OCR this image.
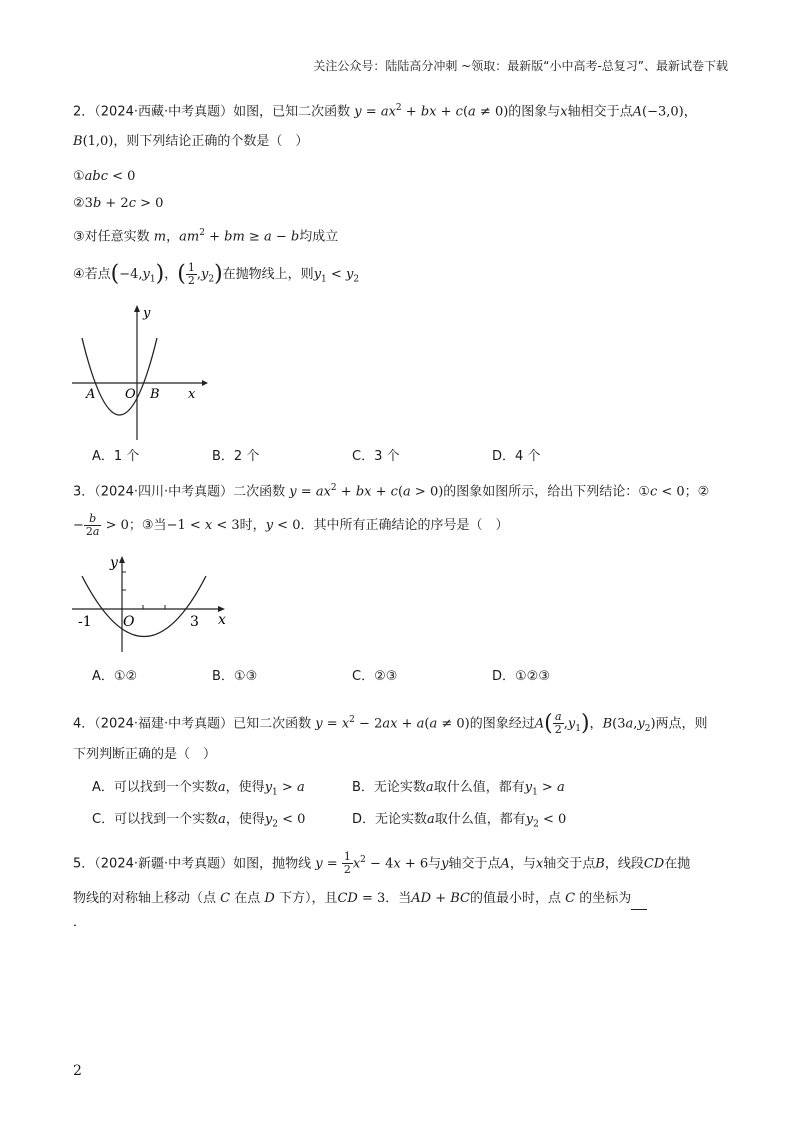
关注公众号：陆陆高分冲刺 ~领取：最新版“小中高考-总复习”、最新试卷下载
2．（2024·西藏·中考真题）如图，已知二次函数 $y = ax^2$ + bx + c(a ≠ 0)的图象与x轴相交于点A(−3,0)，
B(1,0)，则下列结论正确的个数是（　）
①abc < 0
②3b + 2c > 0
③对任意实数 m，$am^2$ + bm ≥ a − b均成立
④若点$(-4,y_1)$，( $\frac{1}{2} ,y_2$)在抛物线上，则$y_1 < y_2$
y
x
A O B
A．1 个	B．2 个	C．3 个	D．4 个
3．（2024·四川·中考真题）二次函数 $y = ax^2$ + bx + c(a > 0)的图象如图所示，给出下列结论：①c < 0；②
− $\frac{b}{2a} > 0$；③当−1 < x < 3时，y < 0．其中所有正确结论的序号是（　）
y
x
-1 O	3
A．①②	B．①③	C．②③	D．①②③
4．（2024·福建·中考真题）已知二次函数 $y = x^2 - 2ax + a(a \ne 0)$的图象经过$A( \frac{a}{2} ,y_1)$，$B(3a,y_2)$两点，则
下列判断正确的是（　）
A．可以找到一个实数a，使得$y_1 > a$	B．无论实数a取什么值，都有$y_1 > a$
C．可以找到一个实数a，使得$y_2 < 0$	D．无论实数a取什么值，都有$y_2 < 0$
5．（2024·新疆·中考真题）如图，抛物线 $y = \frac{1}{2} x^2 - 4x + 6$与y轴交于点A，与x轴交于点B，线段CD在抛
物线的对称轴上移动（点 C 在点 D 下方），且CD = 3．当AD + BC的值最小时，点 C 的坐标为
．
2
